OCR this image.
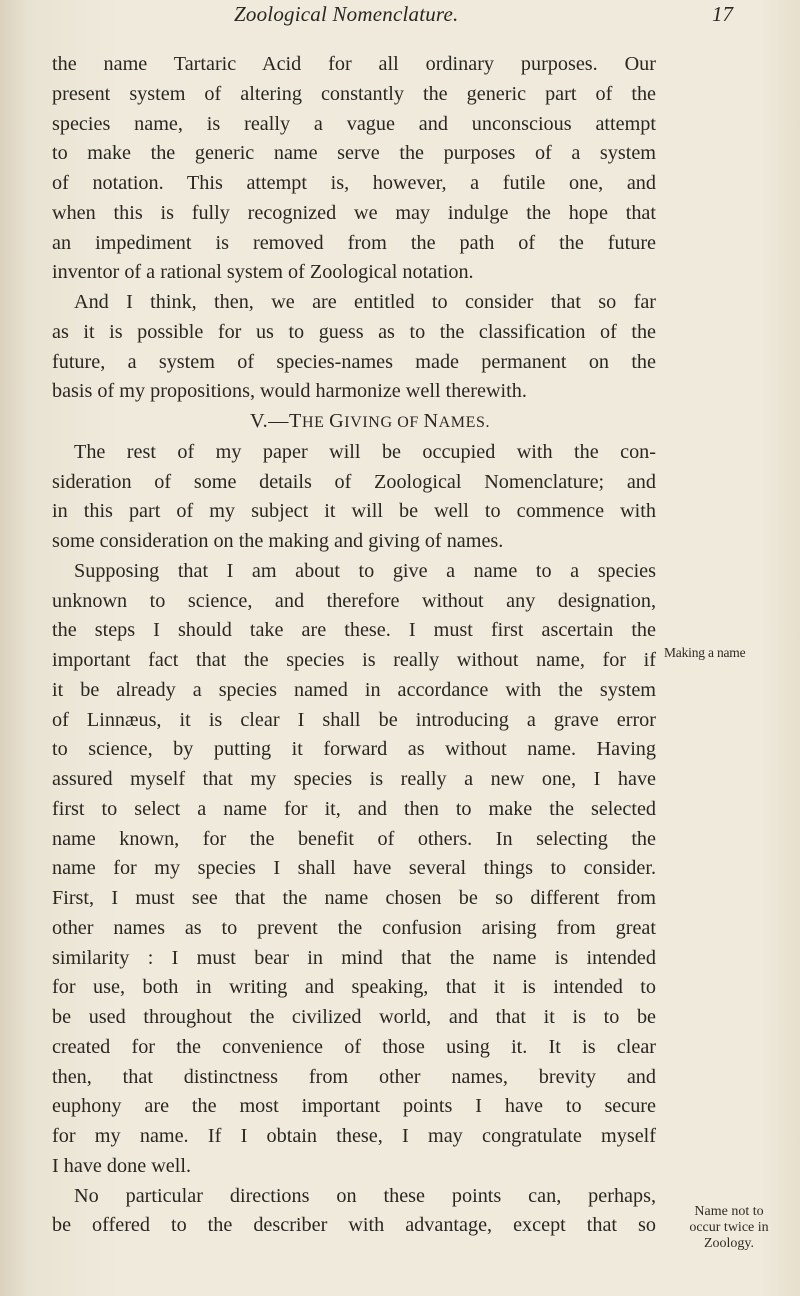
Zoological Nomenclature.	17
the name Tartaric Acid for all ordinary purposes. Our
present system of altering constantly the generic part of the
species name, is really a vague and unconscious attempt
to make the generic name serve the purposes of a system
of notation. This attempt is, however, a futile one, and
when this is fully recognized we may indulge the hope that
an impediment is removed from the path of the future
inventor of a rational system of Zoological notation.
And I think, then, we are entitled to consider that so far
as it is possible for us to guess as to the classification of the
future, a system of species-names made permanent on the
basis of my propositions, would harmonize well therewith.
V.—THE GIVING OF NAMES.
The rest of my paper will be occupied with the con-
sideration of some details of Zoological Nomenclature; and
in this part of my subject it will be well to commence with
some consideration on the making and giving of names.
Supposing that I am about to give a name to a species
unknown to science, and therefore without any designation,
the steps I should take are these. I must first ascertain the
important fact that the species is really without name, for if
it be already a species named in accordance with the system
of Linnæus, it is clear I shall be introducing a grave error
to science, by putting it forward as without name. Having
assured myself that my species is really a new one, I have
first to select a name for it, and then to make the selected
name known, for the benefit of others. In selecting the
name for my species I shall have several things to consider.
First, I must see that the name chosen be so different from
other names as to prevent the confusion arising from great
similarity : I must bear in mind that the name is intended
for use, both in writing and speaking, that it is intended to
be used throughout the civilized world, and that it is to be
created for the convenience of those using it. It is clear
then, that distinctness from other names, brevity and
euphony are the most important points I have to secure
for my name. If I obtain these, I may congratulate myself
I have done well.
No particular directions on these points can, perhaps,
be offered to the describer with advantage, except that so
Making a name
Name not to
occur twice in
Zoology.
